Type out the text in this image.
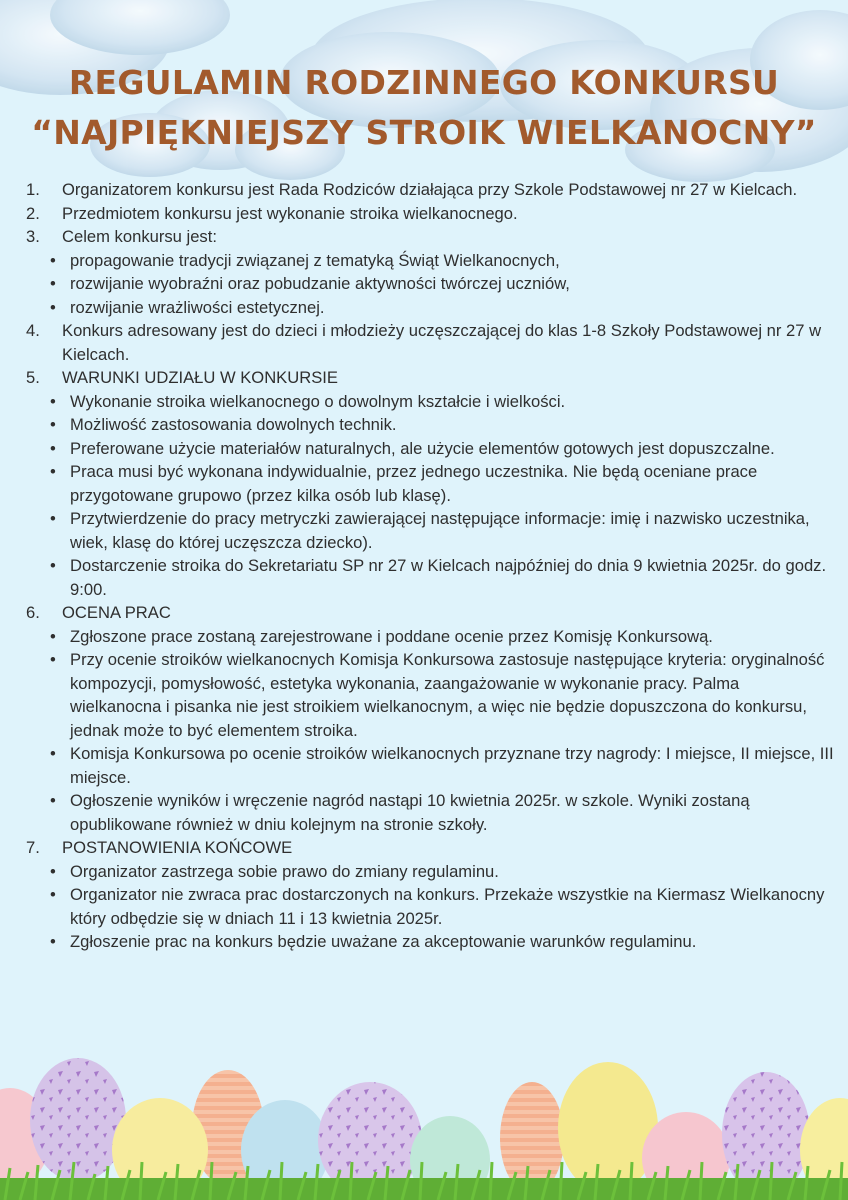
REGULAMIN RODZINNEGO KONKURSU
“NAJPIĘKNIEJSZY STROIK WIELKANOCNY”
1. Organizatorem konkursu jest Rada Rodziców działająca przy Szkole Podstawowej nr 27 w Kielcach.
2. Przedmiotem konkursu jest wykonanie stroika wielkanocnego.
3. Celem konkursu jest:
• propagowanie tradycji związanej z tematyką Świąt Wielkanocnych,
• rozwijanie wyobraźni oraz pobudzanie aktywności twórczej uczniów,
• rozwijanie wrażliwości estetycznej.
4. Konkurs adresowany jest do dzieci i młodzieży uczęszczającej do klas 1-8 Szkoły Podstawowej nr 27 w Kielcach.
5. WARUNKI UDZIAŁU W KONKURSIE
• Wykonanie stroika wielkanocnego o dowolnym kształcie i wielkości.
• Możliwość zastosowania dowolnych technik.
• Preferowane użycie materiałów naturalnych, ale użycie elementów gotowych jest dopuszczalne.
• Praca musi być wykonana indywidualnie, przez jednego uczestnika. Nie będą oceniane prace przygotowane grupowo (przez kilka osób lub klasę).
• Przytwierdzenie do pracy metryczki zawierającej następujące informacje: imię i nazwisko uczestnika, wiek, klasę do której uczęszcza dziecko).
• Dostarczenie stroika do Sekretariatu SP nr 27 w Kielcach najpóźniej do dnia 9 kwietnia 2025r. do godz. 9:00.
6. OCENA PRAC
• Zgłoszone prace zostaną zarejestrowane i poddane ocenie przez Komisję Konkursową.
• Przy ocenie stroików wielkanocnych Komisja Konkursowa zastosuje następujące kryteria: oryginalność kompozycji, pomysłowość, estetyka wykonania, zaangażowanie w wykonanie pracy. Palma wielkanocna i pisanka nie jest stroikiem wielkanocnym, a więc nie będzie dopuszczona do konkursu, jednak może to być elementem stroika.
• Komisja Konkursowa po ocenie stroików wielkanocnych przyznane trzy nagrody: I miejsce, II miejsce, III miejsce.
• Ogłoszenie wyników i wręczenie nagród nastąpi 10 kwietnia 2025r. w szkole. Wyniki zostaną opublikowane również w dniu kolejnym na stronie szkoły.
7. POSTANOWIENIA KOŃCOWE
• Organizator zastrzega sobie prawo do zmiany regulaminu.
• Organizator nie zwraca prac dostarczonych na konkurs. Przekaże wszystkie na Kiermasz Wielkanocny który odbędzie się w dniach 11 i 13 kwietnia 2025r.
• Zgłoszenie prac na konkurs będzie uważane za akceptowanie warunków regulaminu.
